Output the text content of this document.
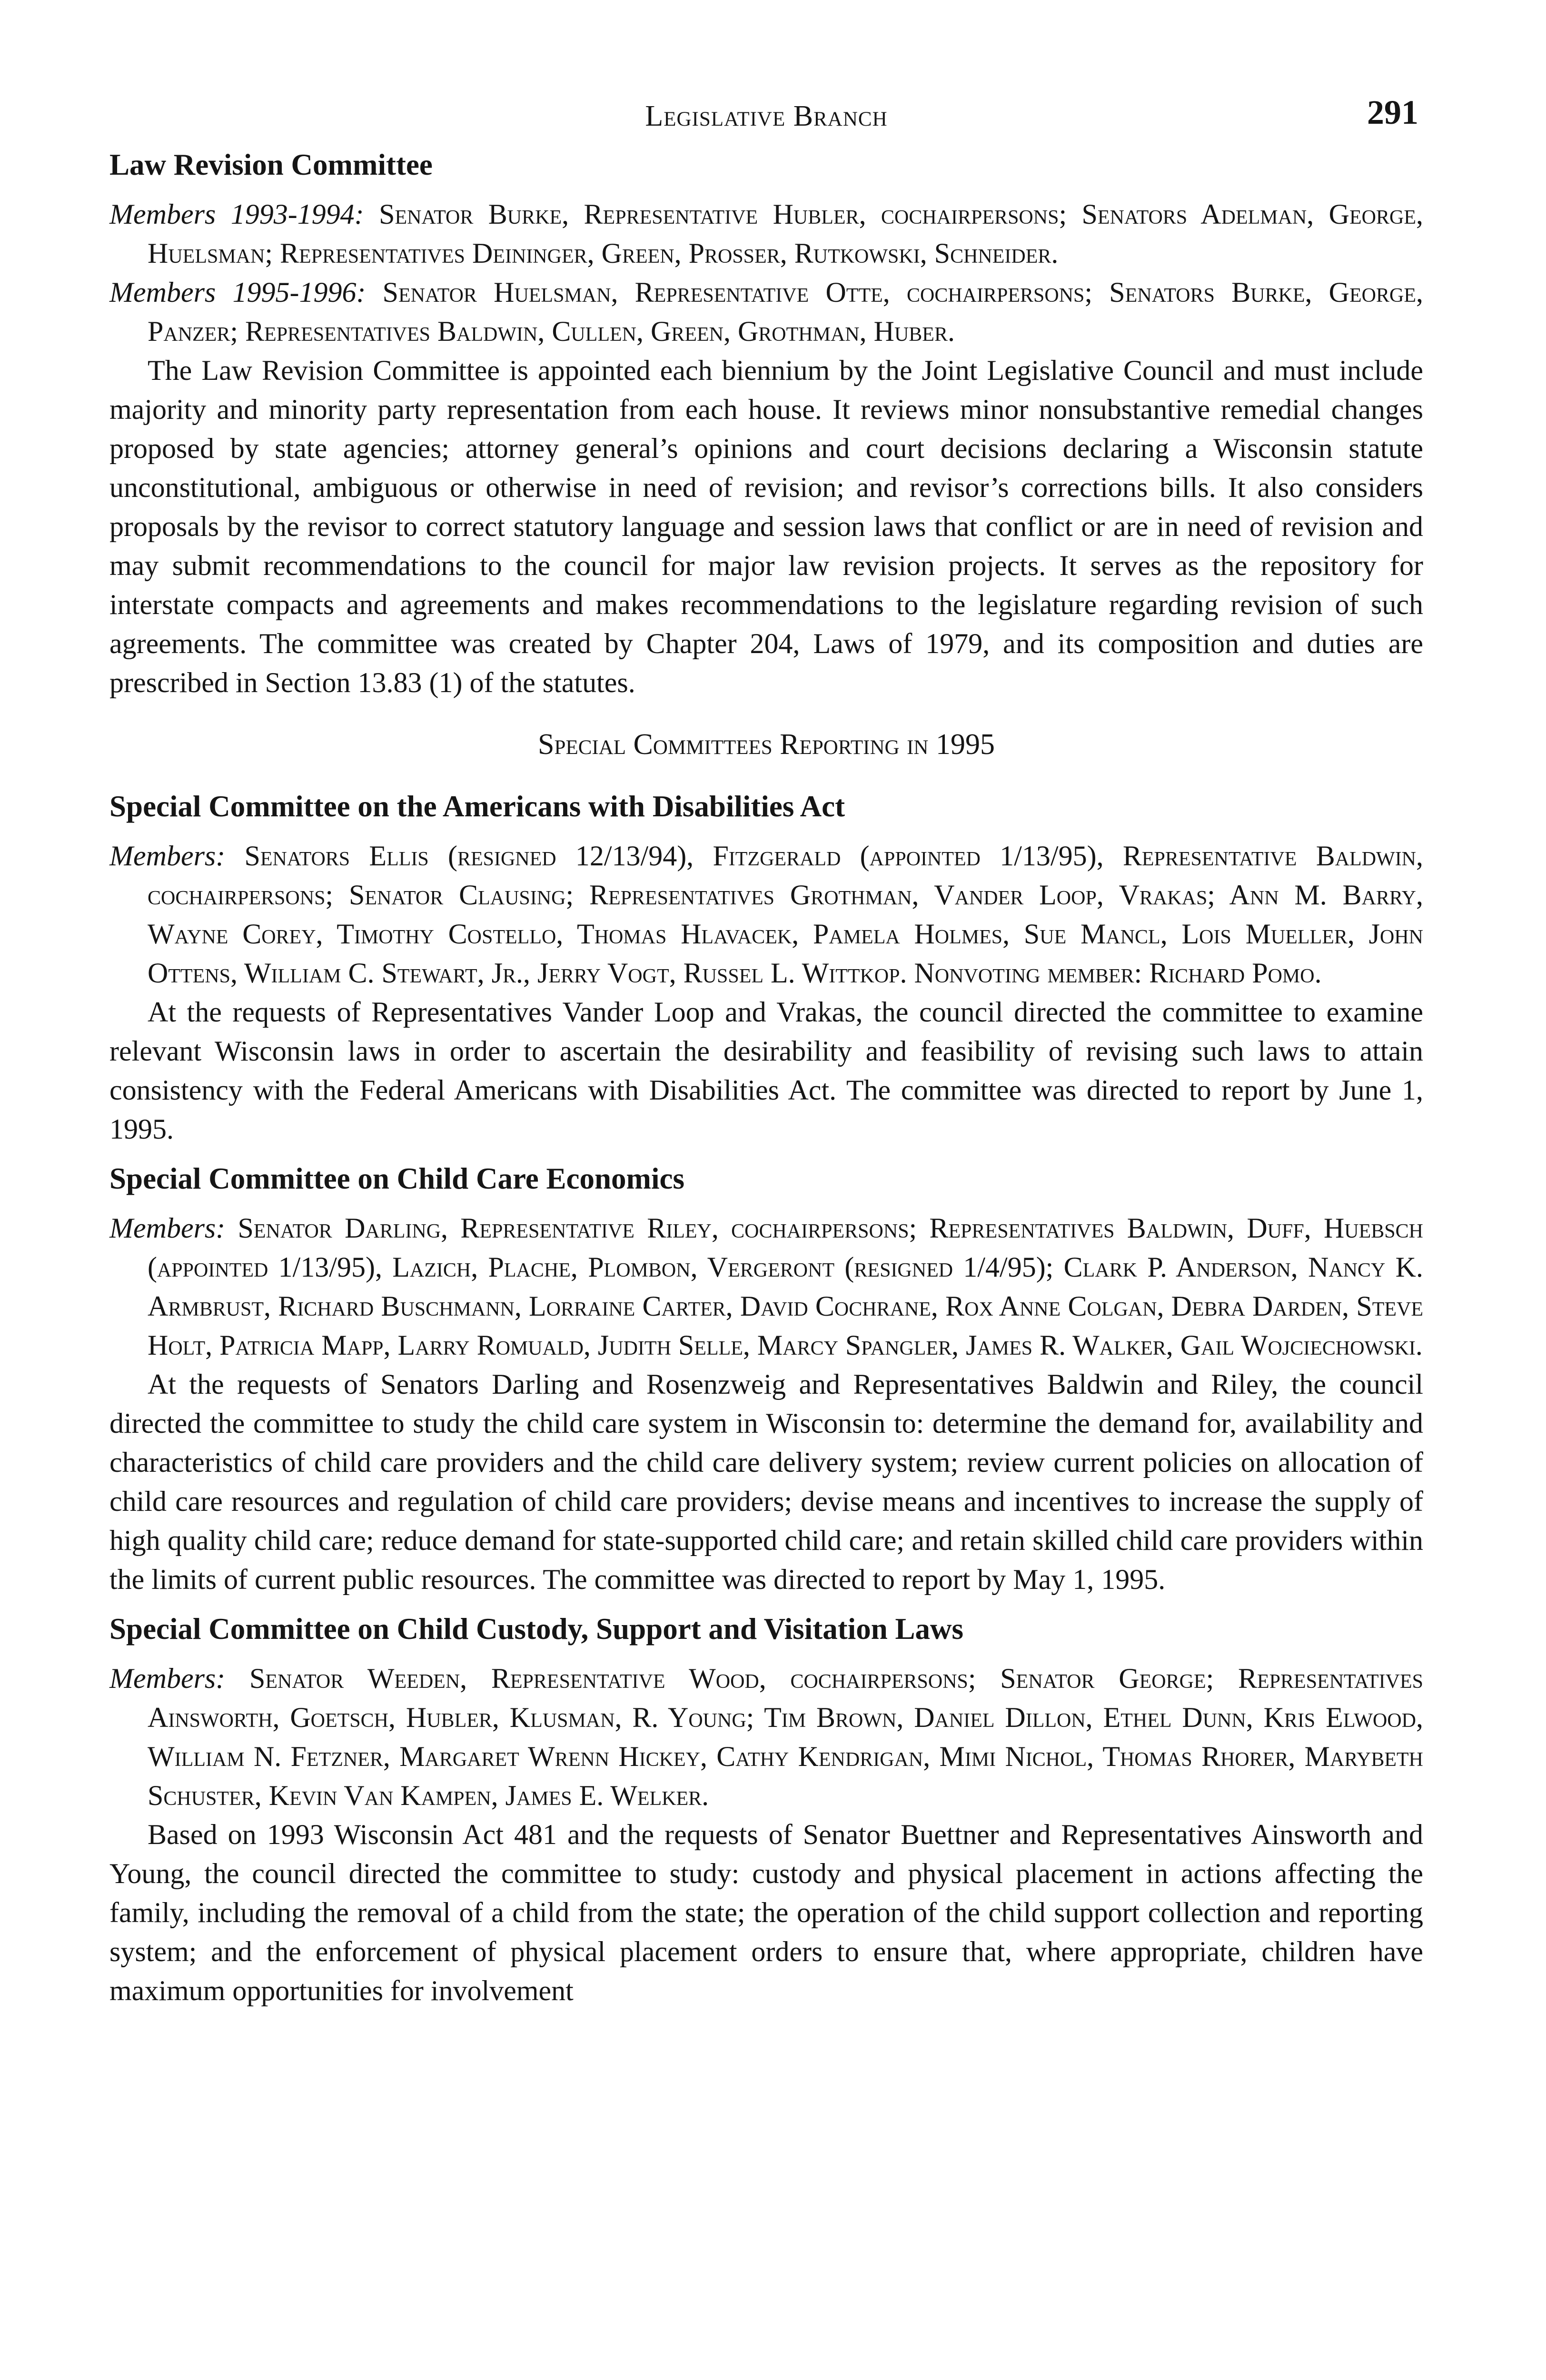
Legislative Branch	291

Law Revision Committee

Members 1993-1994: Senator Burke, Representative Hubler, cochairpersons; Senators Adelman, George, Huelsman; Representatives Deininger, Green, Prosser, Rutkowski, Schneider.

Members 1995-1996: Senator Huelsman, Representative Otte, cochairpersons; Senators Burke, George, Panzer; Representatives Baldwin, Cullen, Green, Grothman, Huber.

The Law Revision Committee is appointed each biennium by the Joint Legislative Council and must include majority and minority party representation from each house. It reviews minor nonsubstantive remedial changes proposed by state agencies; attorney general’s opinions and court decisions declaring a Wisconsin statute unconstitutional, ambiguous or otherwise in need of revision; and revisor’s corrections bills. It also considers proposals by the revisor to correct statutory language and session laws that conflict or are in need of revision and may submit recommendations to the council for major law revision projects. It serves as the repository for interstate compacts and agreements and makes recommendations to the legislature regarding revision of such agreements. The committee was created by Chapter 204, Laws of 1979, and its composition and duties are prescribed in Section 13.83 (1) of the statutes.

Special Committees Reporting in 1995

Special Committee on the Americans with Disabilities Act

Members: Senators Ellis (resigned 12/13/94), Fitzgerald (appointed 1/13/95), Representative Baldwin, cochairpersons; Senator Clausing; Representatives Grothman, Vander Loop, Vrakas; Ann M. Barry, Wayne Corey, Timothy Costello, Thomas Hlavacek, Pamela Holmes, Sue Mancl, Lois Mueller, John Ottens, William C. Stewart, Jr., Jerry Vogt, Russel L. Wittkop. Nonvoting member: Richard Pomo.

At the requests of Representatives Vander Loop and Vrakas, the council directed the committee to examine relevant Wisconsin laws in order to ascertain the desirability and feasibility of revising such laws to attain consistency with the Federal Americans with Disabilities Act. The committee was directed to report by June 1, 1995.

Special Committee on Child Care Economics

Members: Senator Darling, Representative Riley, cochairpersons; Representatives Baldwin, Duff, Huebsch (appointed 1/13/95), Lazich, Plache, Plombon, Vergeront (resigned 1/4/95); Clark P. Anderson, Nancy K. Armbrust, Richard Buschmann, Lorraine Carter, David Cochrane, Rox Anne Colgan, Debra Darden, Steve Holt, Patricia Mapp, Larry Romuald, Judith Selle, Marcy Spangler, James R. Walker, Gail Wojciechowski.

At the requests of Senators Darling and Rosenzweig and Representatives Baldwin and Riley, the council directed the committee to study the child care system in Wisconsin to: determine the demand for, availability and characteristics of child care providers and the child care delivery system; review current policies on allocation of child care resources and regulation of child care providers; devise means and incentives to increase the supply of high quality child care; reduce demand for state-supported child care; and retain skilled child care providers within the limits of current public resources. The committee was directed to report by May 1, 1995.

Special Committee on Child Custody, Support and Visitation Laws

Members: Senator Weeden, Representative Wood, cochairpersons; Senator George; Representatives Ainsworth, Goetsch, Hubler, Klusman, R. Young; Tim Brown, Daniel Dillon, Ethel Dunn, Kris Elwood, William N. Fetzner, Margaret Wrenn Hickey, Cathy Kendrigan, Mimi Nichol, Thomas Rhorer, Marybeth Schuster, Kevin Van Kampen, James E. Welker.

Based on 1993 Wisconsin Act 481 and the requests of Senator Buettner and Representatives Ainsworth and Young, the council directed the committee to study: custody and physical placement in actions affecting the family, including the removal of a child from the state; the operation of the child support collection and reporting system; and the enforcement of physical placement orders to ensure that, where appropriate, children have maximum opportunities for involvement
